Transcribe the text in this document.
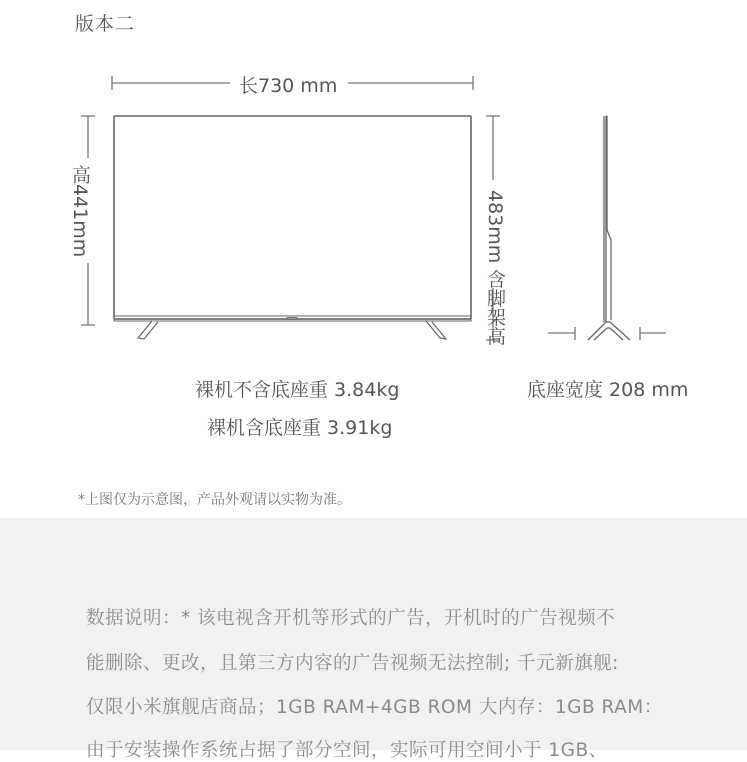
版本二
长730 mm
高441mm	483mm 含脚架高
裸机不含底座重 3.84kg
裸机含底座重 3.91kg
底座宽度 208 mm
*上图仅为示意图，产品外观请以实物为准。
数据说明：* 该电视含开机等形式的广告，开机时的广告视频不
能删除、更改，且第三方内容的广告视频无法控制; 千元新旗舰:
仅限小米旗舰店商品；1GB RAM+4GB ROM 大内存：1GB RAM：
由于安装操作系统占据了部分空间，实际可用空间小于 1GB、
